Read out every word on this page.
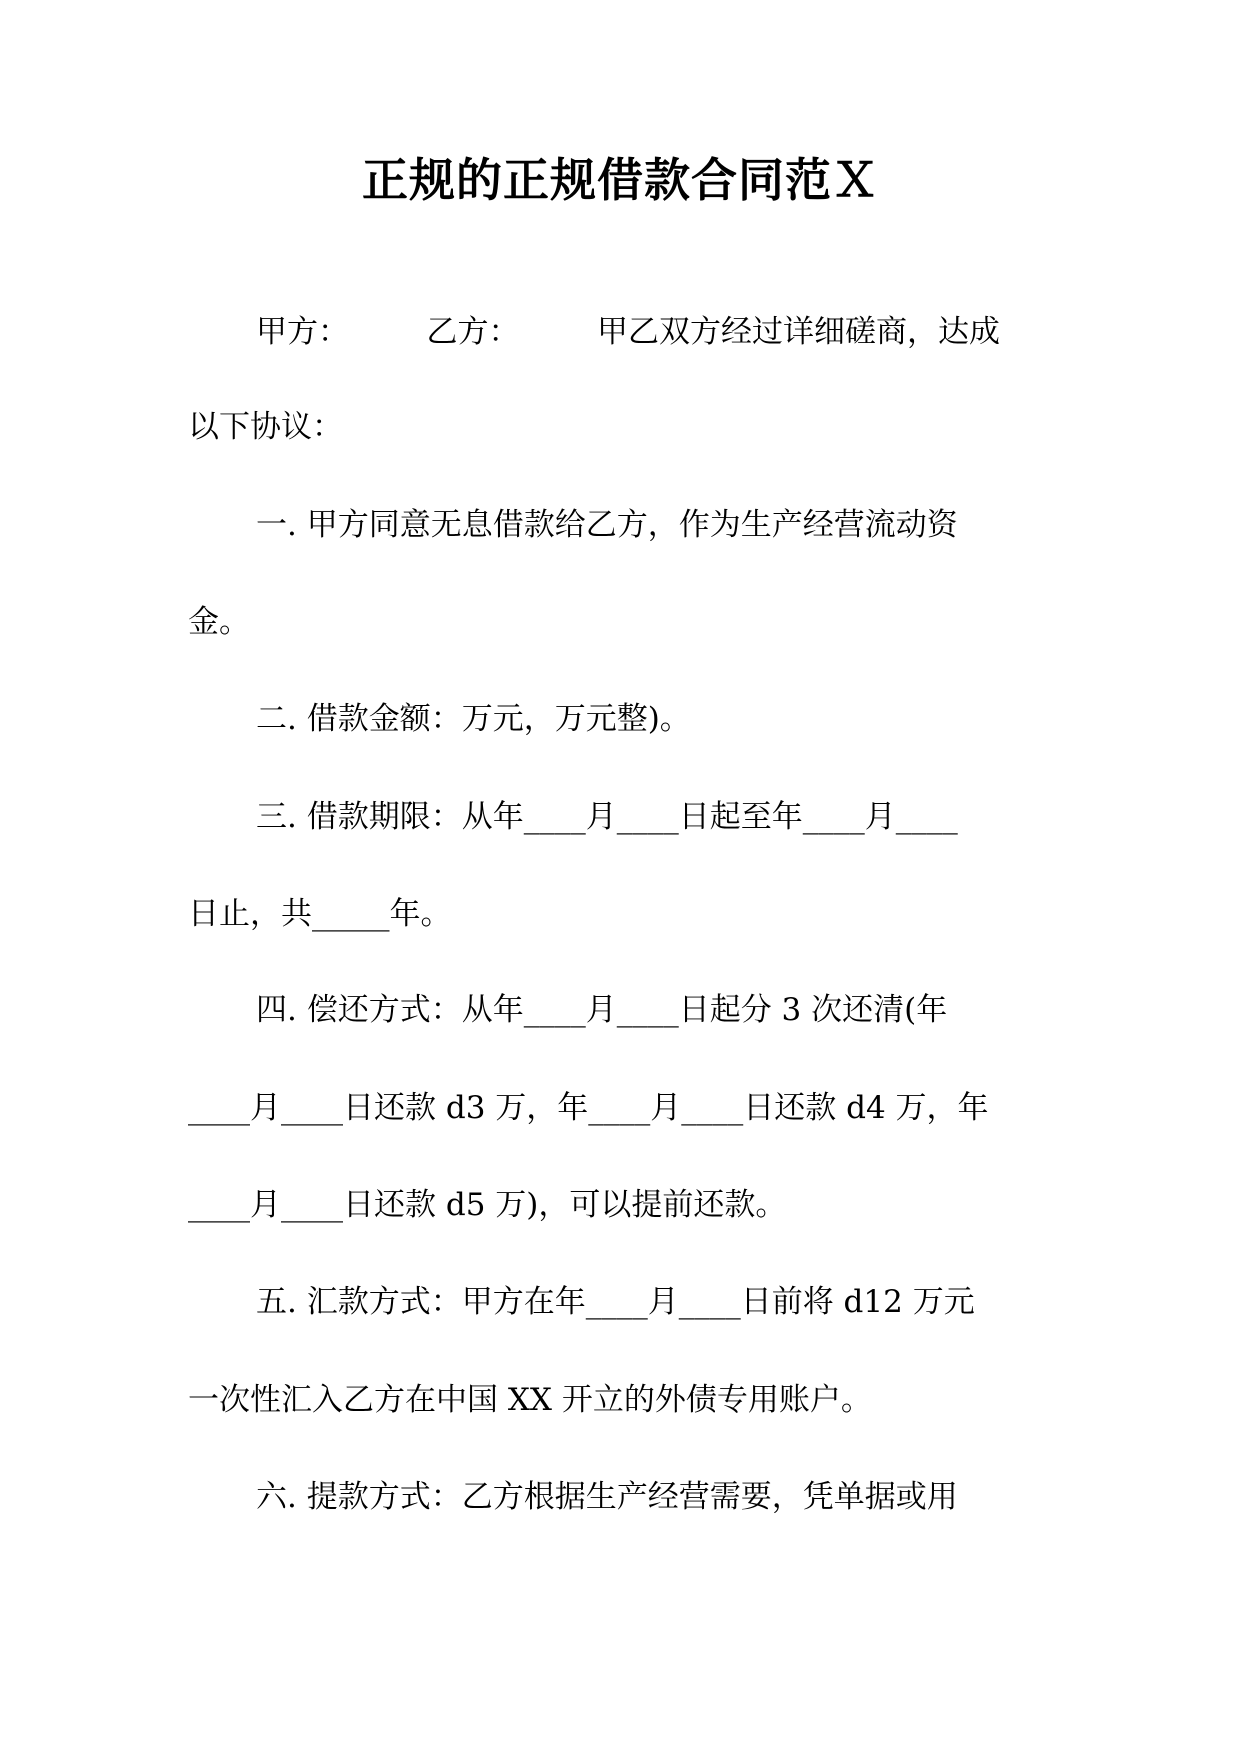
正规的正规借款合同范Ｘ
甲方：　　　乙方：　　　甲乙双方经过详细磋商，达成
以下协议：
一. 甲方同意无息借款给乙方，作为生产经营流动资
金。
二. 借款金额：万元，万元整)。
三. 借款期限：从年____月____日起至年____月____
日止，共_____年。
四. 偿还方式：从年____月____日起分 3 次还清(年
____月____日还款 d3 万，年____月____日还款 d4 万，年
____月____日还款 d5 万)，可以提前还款。
五. 汇款方式：甲方在年____月____日前将 d12 万元
一次性汇入乙方在中国 XX 开立的外债专用账户。
六. 提款方式：乙方根据生产经营需要，凭单据或用
